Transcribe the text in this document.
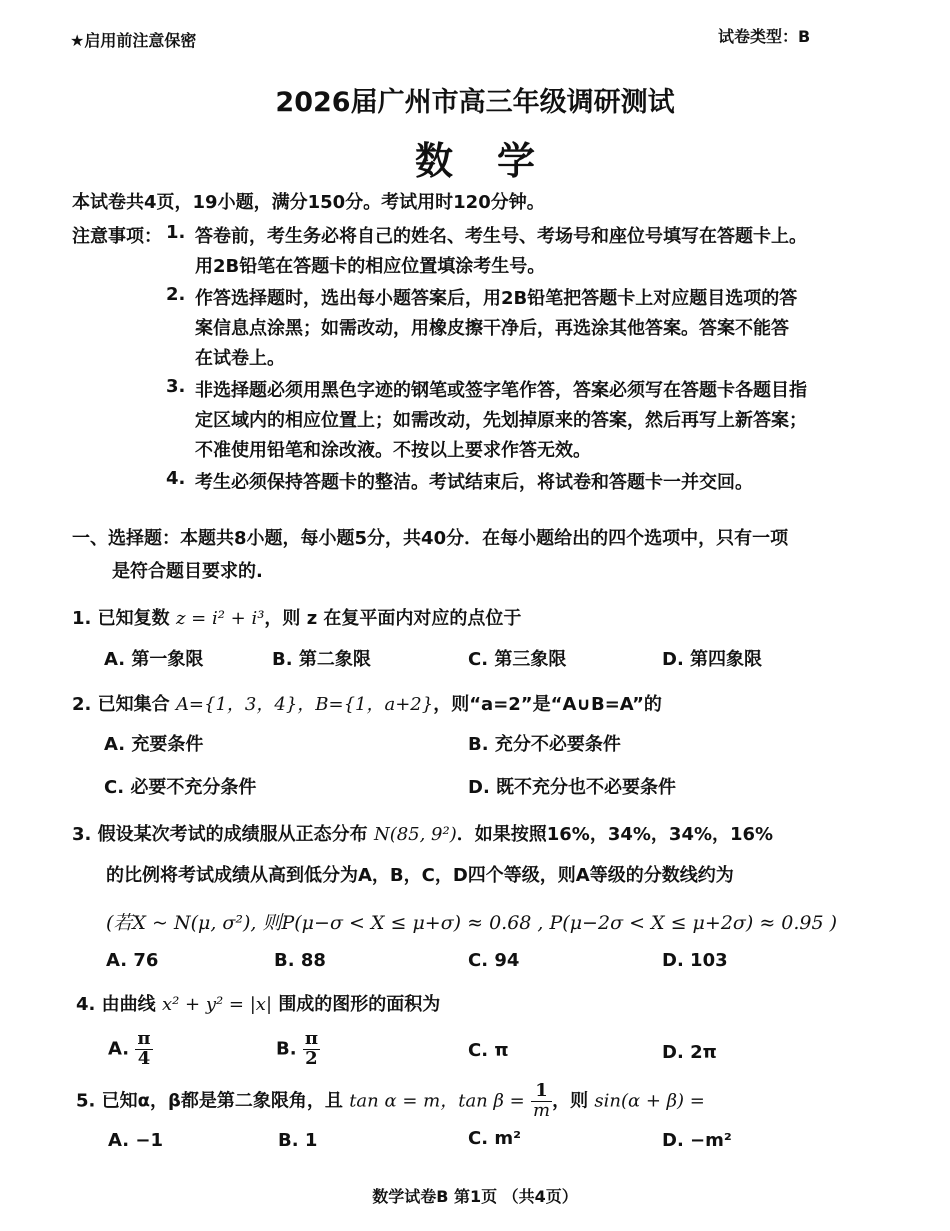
★启用前注意保密	试卷类型：B
2026届广州市高三年级调研测试
数学
本试卷共4页，19小题，满分150分。考试用时120分钟。
注意事项： 1. 答卷前，考生务必将自己的姓名、考生号、考场号和座位号填写在答题卡上。
用2B铅笔在答题卡的相应位置填涂考生号。
2. 作答选择题时，选出每小题答案后，用2B铅笔把答题卡上对应题目选项的答
案信息点涂黑；如需改动，用橡皮擦干净后，再选涂其他答案。答案不能答
在试卷上。
3. 非选择题必须用黑色字迹的钢笔或签字笔作答，答案必须写在答题卡各题目指
定区域内的相应位置上；如需改动，先划掉原来的答案，然后再写上新答案；
不准使用铅笔和涂改液。不按以上要求作答无效。
4. 考生必须保持答题卡的整洁。考试结束后，将试卷和答题卡一并交回。
一、选择题：本题共8小题，每小题5分，共40分．在每小题给出的四个选项中，只有一项
是符合题目要求的.
1. 已知复数 z = i² + i³，则 z 在复平面内对应的点位于
A. 第一象限	B. 第二象限	C. 第三象限	D. 第四象限
2. 已知集合 A={1，3，4}，B={1，a+2}，则“a=2”是“A∪B=A”的
A. 充要条件	B. 充分不必要条件
C. 必要不充分条件	D. 既不充分也不必要条件
3. 假设某次考试的成绩服从正态分布 N(85, 9²)．如果按照16%，34%，34%，16%
的比例将考试成绩从高到低分为A，B，C，D四个等级，则A等级的分数线约为
(若X ~ N(μ, σ²), 则P(μ−σ < X ≤ μ+σ) ≈ 0.68 , P(μ−2σ < X ≤ μ+2σ) ≈ 0.95 )
A. 76	B. 88	C. 94	D. 103
4. 由曲线 x² + y² = |x| 围成的图形的面积为
A. $\frac{\pi}{4}$	B. $\frac{\pi}{2}$	C. π	D. 2π
5. 已知α，β都是第二象限角，且 tan α = m，$\tan \beta = \frac{1}{m}$ ，则 sin(α + β) =
A. −1	B. 1	C. m²	D. −m²
数学试卷B 第1页 （共4页）
